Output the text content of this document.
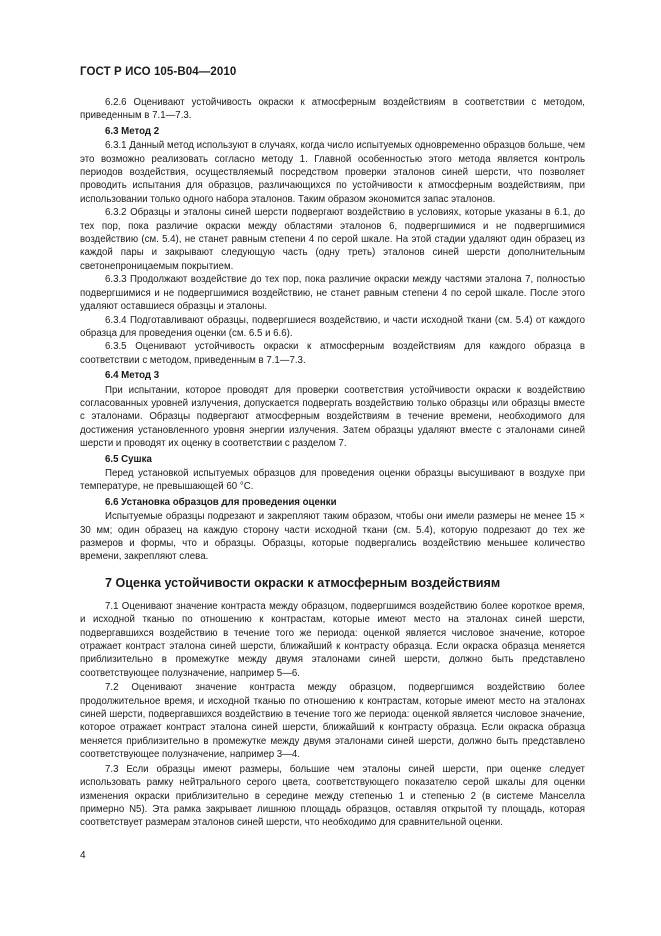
ГОСТ Р ИСО 105-В04—2010

6.2.6 Оценивают устойчивость окраски к атмосферным воздействиям в соответствии с методом, приведенным в 7.1—7.3.

6.3 Метод 2

6.3.1 Данный метод используют в случаях, когда число испытуемых одновременно образцов больше, чем это возможно реализовать согласно методу 1. Главной особенностью этого метода является контроль периодов воздействия, осуществляемый посредством проверки эталонов синей шерсти, что позволяет проводить испытания для образцов, различающихся по устойчивости к атмосферным воздействиям, при использовании только одного набора эталонов. Таким образом экономится запас эталонов.

6.3.2 Образцы и эталоны синей шерсти подвергают воздействию в условиях, которые указаны в 6.1, до тех пор, пока различие окраски между областями эталонов 6, подвергшимися и не подвергшимися воздействию (см. 5.4), не станет равным степени 4 по серой шкале. На этой стадии удаляют один образец из каждой пары и закрывают следующую часть (одну треть) эталонов синей шерсти дополнительным светонепроницаемым покрытием.

6.3.3 Продолжают воздействие до тех пор, пока различие окраски между частями эталона 7, полностью подвергшимися и не подвергшимися воздействию, не станет равным степени 4 по серой шкале. После этого удаляют оставшиеся образцы и эталоны.

6.3.4 Подготавливают образцы, подвергшиеся воздействию, и части исходной ткани (см. 5.4) от каждого образца для проведения оценки (см. 6.5 и 6.6).

6.3.5 Оценивают устойчивость окраски к атмосферным воздействиям для каждого образца в соответствии с методом, приведенным в 7.1—7.3.

6.4 Метод 3

При испытании, которое проводят для проверки соответствия устойчивости окраски к воздействию согласованных уровней излучения, допускается подвергать воздействию только образцы или образцы вместе с эталонами. Образцы подвергают атмосферным воздействиям в течение времени, необходимого для достижения установленного уровня энергии излучения. Затем образцы удаляют вместе с эталонами синей шерсти и проводят их оценку в соответствии с разделом 7.

6.5 Сушка

Перед установкой испытуемых образцов для проведения оценки образцы высушивают в воздухе при температуре, не превышающей 60 °С.

6.6 Установка образцов для проведения оценки

Испытуемые образцы подрезают и закрепляют таким образом, чтобы они имели размеры не менее 15 × 30 мм; один образец на каждую сторону части исходной ткани (см. 5.4), которую подрезают до тех же размеров и формы, что и образцы. Образцы, которые подвергались воздействию меньшее количество времени, закрепляют слева.

7 Оценка устойчивости окраски к атмосферным воздействиям

7.1 Оценивают значение контраста между образцом, подвергшимся воздействию более короткое время, и исходной тканью по отношению к контрастам, которые имеют место на эталонах синей шерсти, подвергавшихся воздействию в течение того же периода: оценкой является числовое значение, которое отражает контраст эталона синей шерсти, ближайший к контрасту образца. Если окраска образца меняется приблизительно в промежутке между двумя эталонами синей шерсти, должно быть представлено соответствующее полузначение, например 5—6.

7.2 Оценивают значение контраста между образцом, подвергшимся воздействию более продолжительное время, и исходной тканью по отношению к контрастам, которые имеют место на эталонах синей шерсти, подвергавшихся воздействию в течение того же периода: оценкой является числовое значение, которое отражает контраст эталона синей шерсти, ближайший к контрасту образца. Если окраска образца меняется приблизительно в промежутке между двумя эталонами синей шерсти, должно быть представлено соответствующее полузначение, например 3—4.

7.3 Если образцы имеют размеры, большие чем эталоны синей шерсти, при оценке следует использовать рамку нейтрального серого цвета, соответствующего показателю серой шкалы для оценки изменения окраски приблизительно в середине между степенью 1 и степенью 2 (в системе Манселла примерно N5). Эта рамка закрывает лишнюю площадь образцов, оставляя открытой ту площадь, которая соответствует размерам эталонов синей шерсти, что необходимо для сравнительной оценки.

4
